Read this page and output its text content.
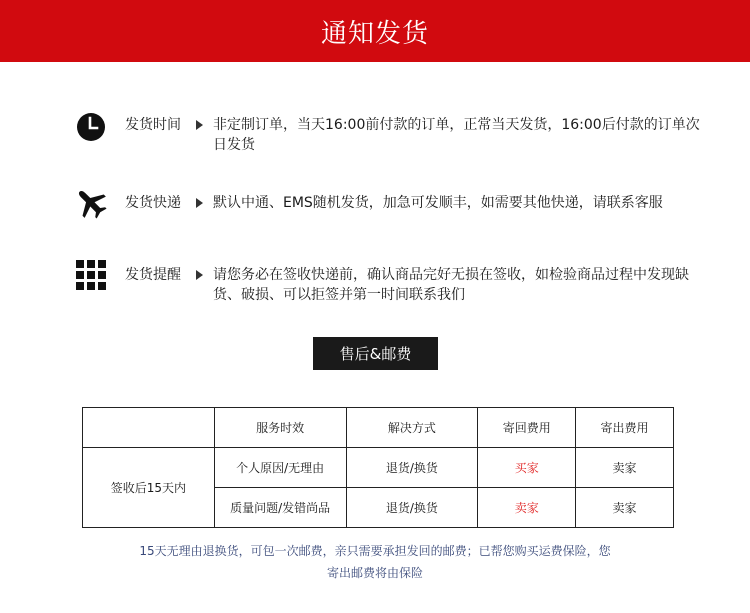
通知发货
发货时间 非定制订单，当天16:00前付款的订单，正常当天发货，16:00后付款的订单次日发货
发货快递 默认中通、EMS随机发货，加急可发顺丰，如需要其他快递，请联系客服
发货提醒 请您务必在签收快递前，确认商品完好无损在签收，如检验商品过程中发现缺货、破损、可以拒签并第一时间联系我们
售后&邮费
	服务时效	解决方式	寄回费用	寄出费用
签收后15天内	个人原因/无理由	退货/换货	买家	卖家
	质量问题/发错尚品	退货/换货	卖家	卖家
15天无理由退换货，可包一次邮费，亲只需要承担发回的邮费；已帮您购买运费保险，您
寄出邮费将由保险
